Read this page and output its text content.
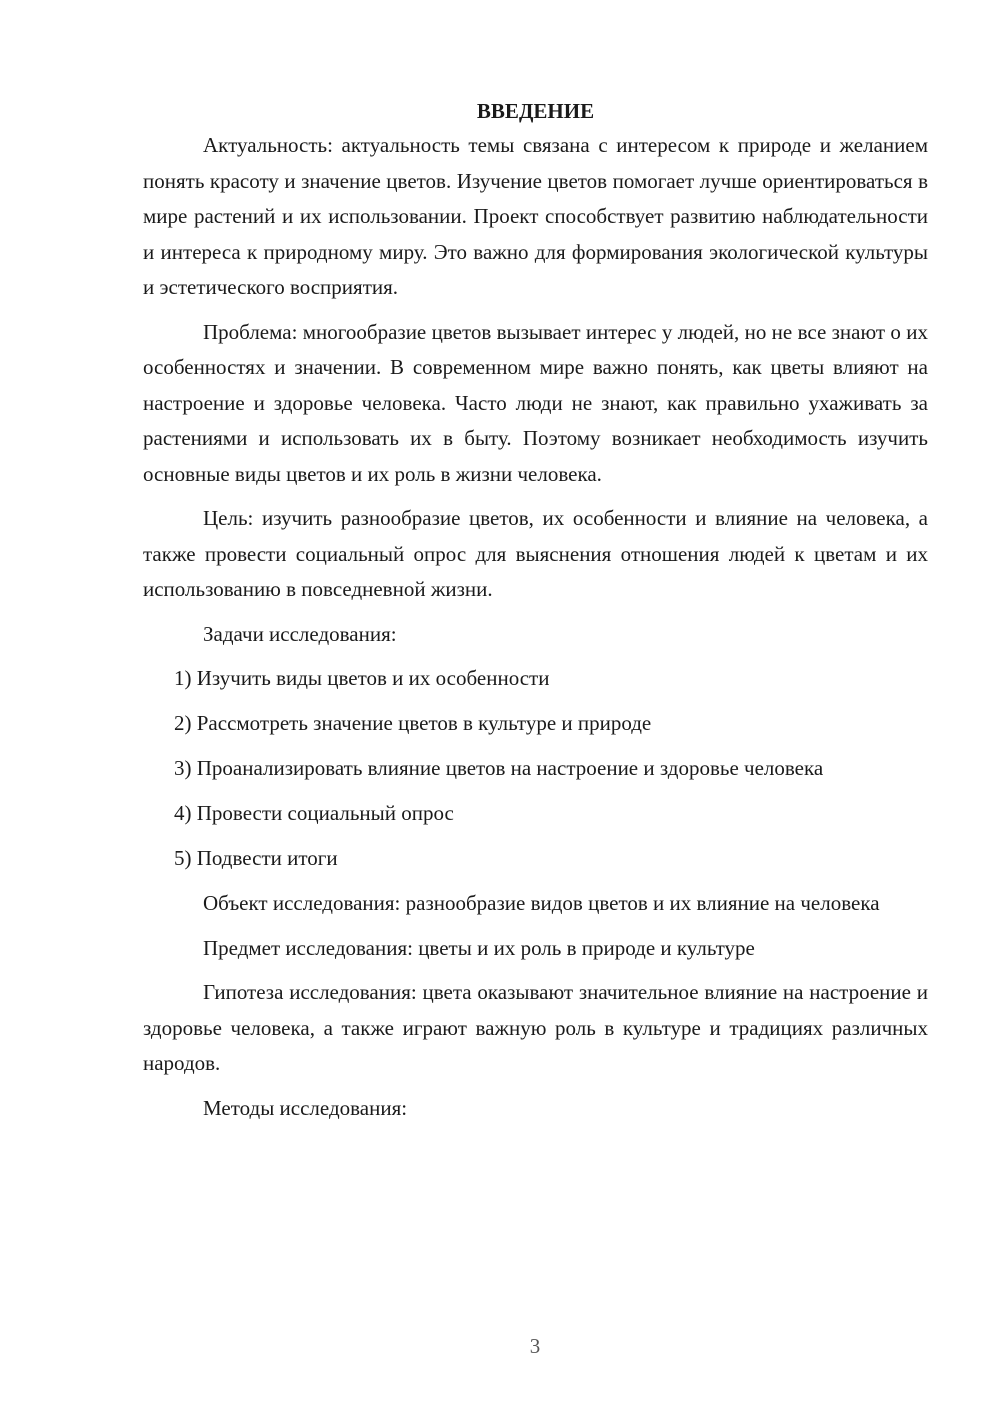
ВВЕДЕНИЕ

Актуальность: актуальность темы связана с интересом к природе и желанием понять красоту и значение цветов. Изучение цветов помогает лучше ориентироваться в мире растений и их использовании. Проект способствует развитию наблюдательности и интереса к природному миру. Это важно для формирования экологической культуры и эстетического восприятия.

Проблема: многообразие цветов вызывает интерес у людей, но не все знают о их особенностях и значении. В современном мире важно понять, как цветы влияют на настроение и здоровье человека. Часто люди не знают, как правильно ухаживать за растениями и использовать их в быту. Поэтому возникает необходимость изучить основные виды цветов и их роль в жизни человека.

Цель: изучить разнообразие цветов, их особенности и влияние на человека, а также провести социальный опрос для выяснения отношения людей к цветам и их использованию в повседневной жизни.

Задачи исследования:

1) Изучить виды цветов и их особенности

2) Рассмотреть значение цветов в культуре и природе

3) Проанализировать влияние цветов на настроение и здоровье человека

4) Провести социальный опрос

5) Подвести итоги

Объект исследования: разнообразие видов цветов и их влияние на человека

Предмет исследования: цветы и их роль в природе и культуре

Гипотеза исследования: цвета оказывают значительное влияние на настроение и здоровье человека, а также играют важную роль в культуре и традициях различных народов.

Методы исследования:

3
